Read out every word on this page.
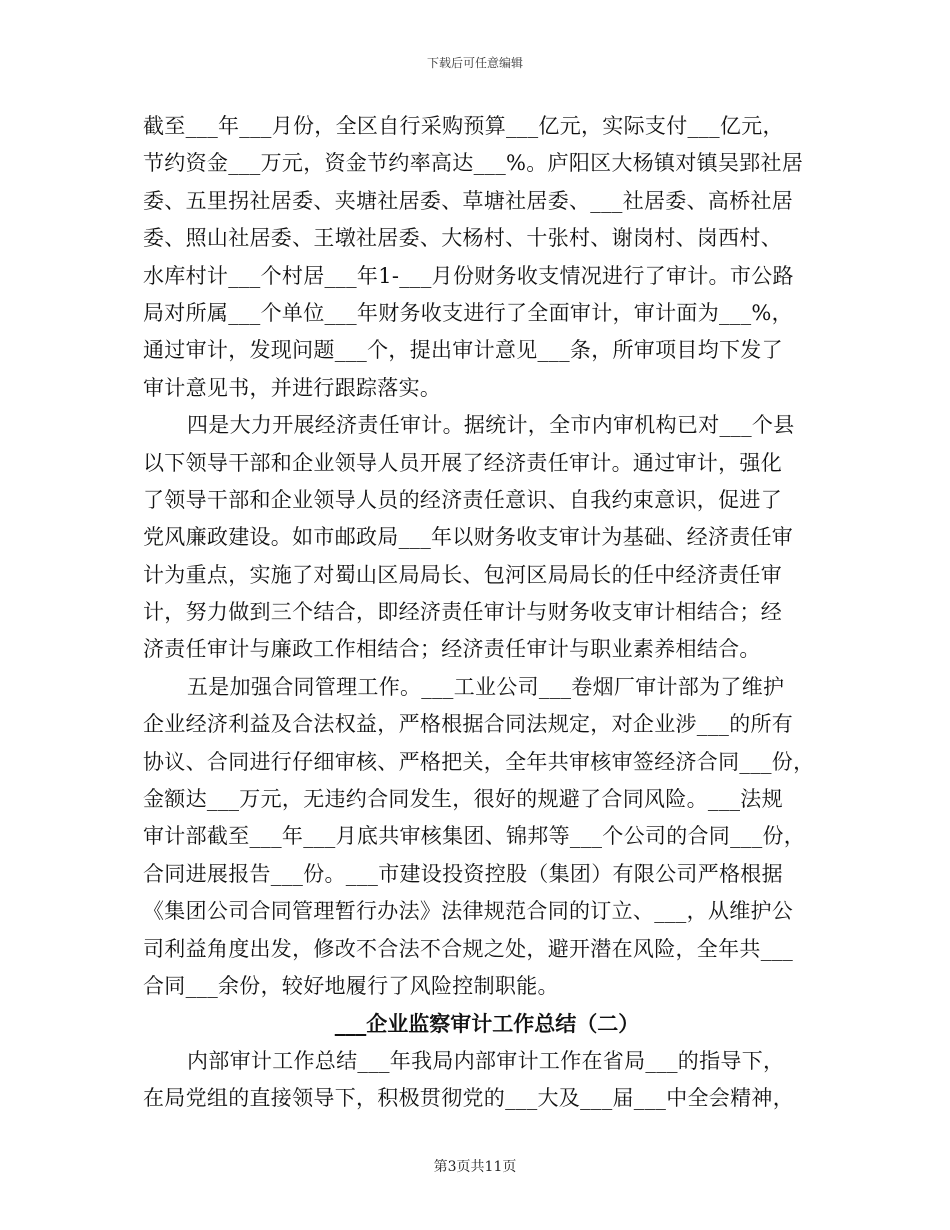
下载后可任意编辑
截至___年___月份，全区自行采购预算___亿元，实际支付___亿元，
节约资金___万元，资金节约率高达___%。庐阳区大杨镇对镇吴郢社居
委、五里拐社居委、夹塘社居委、草塘社居委、___社居委、高桥社居
委、照山社居委、王墩社居委、大杨村、十张村、谢岗村、岗西村、
水库村计___个村居___年1-___月份财务收支情况进行了审计。市公路
局对所属___个单位___年财务收支进行了全面审计，审计面为___%，
通过审计，发现问题___个，提出审计意见___条，所审项目均下发了
审计意见书，并进行跟踪落实。
四是大力开展经济责任审计。据统计，全市内审机构已对___个县
以下领导干部和企业领导人员开展了经济责任审计。通过审计，强化
了领导干部和企业领导人员的经济责任意识、自我约束意识，促进了
党风廉政建设。如市邮政局___年以财务收支审计为基础、经济责任审
计为重点，实施了对蜀山区局局长、包河区局局长的任中经济责任审
计，努力做到三个结合，即经济责任审计与财务收支审计相结合；经
济责任审计与廉政工作相结合；经济责任审计与职业素养相结合。
五是加强合同管理工作。___工业公司___卷烟厂审计部为了维护
企业经济利益及合法权益，严格根据合同法规定，对企业涉___的所有
协议、合同进行仔细审核、严格把关，全年共审核审签经济合同___份，
金额达___万元，无违约合同发生，很好的规避了合同风险。___法规
审计部截至___年___月底共审核集团、锦邦等___个公司的合同___份，
合同进展报告___份。___市建设投资控股（集团）有限公司严格根据
《集团公司合同管理暂行办法》法律规范合同的订立、___，从维护公
司利益角度出发，修改不合法不合规之处，避开潜在风险，全年共___
合同___余份，较好地履行了风险控制职能。
___企业监察审计工作总结（二）
内部审计工作总结___年我局内部审计工作在省局___的指导下，
在局党组的直接领导下，积极贯彻党的___大及___届___中全会精神，
第3页共11页
